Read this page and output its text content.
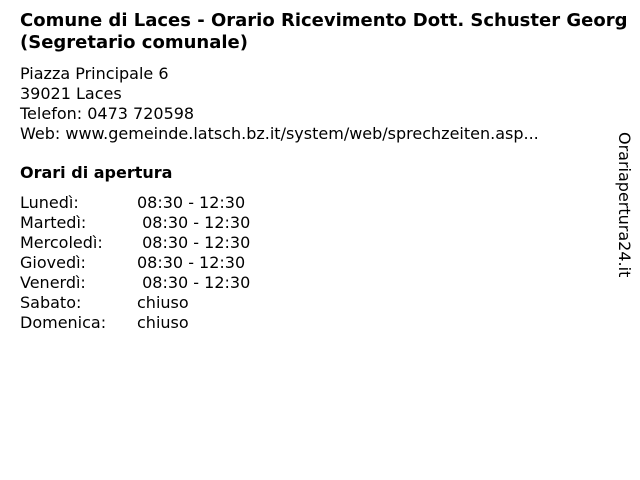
Comune di Laces - Orario Ricevimento Dott. Schuster Georg (Segretario comunale)
Piazza Principale 6
39021 Laces
Telefon: 0473 720598
Web: www.gemeinde.latsch.bz.it/system/web/sprechzeiten.asp...
Orari di apertura
Lunedì:	08:30 - 12:30
Martedì:	08:30 - 12:30
Mercoledì:	08:30 - 12:30
Giovedì:	08:30 - 12:30
Venerdì:	08:30 - 12:30
Sabato:	chiuso
Domenica:	chiuso
Orariapertura24.it
